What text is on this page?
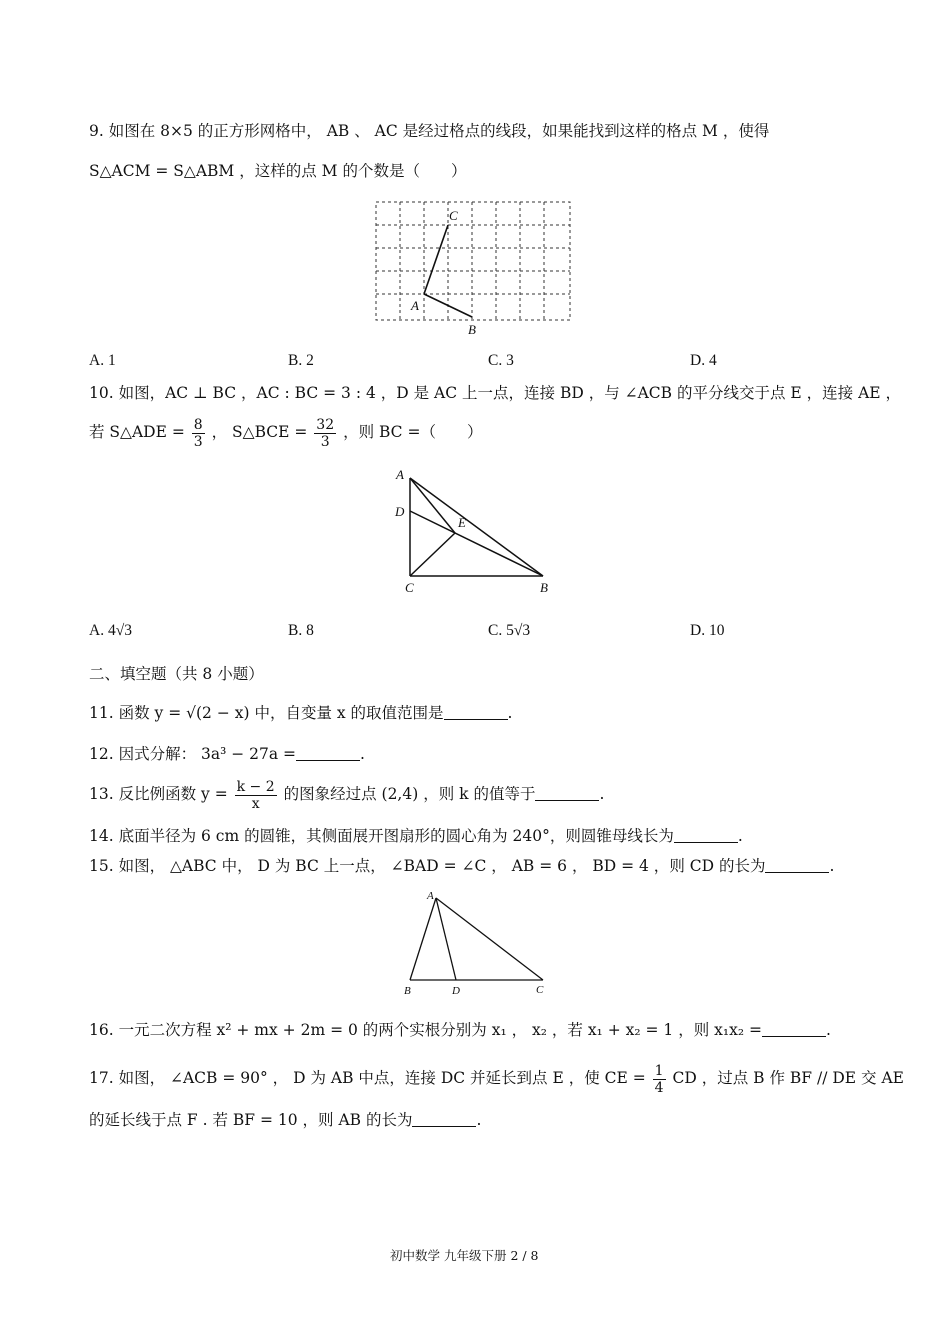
9. 如图在 8×5 的正方形网格中， AB 、 AC 是经过格点的线段，如果能找到这样的格点 M ，使得
S△ACM = S△ABM ，这样的点 M 的个数是（　　）
C
A
B
A. 1	B. 2	C. 3	D. 4
10. 如图，AC ⊥ BC ，AC : BC = 3 : 4 ，D 是 AC 上一点，连接 BD ，与 ∠ACB 的平分线交于点 E ，连接 AE ，
若 S△ADE = $\frac{8}{3}$ ， S△BCE = $\frac{32}{3}$ ，则 BC =（　　）
A
D
E
C	B
A. 4√3	B. 8	C. 5√3	D. 10
二、填空题（共 8 小题）
11. 函数 y = √(2 − x) 中，自变量 x 的取值范围是	.
12. 因式分解： 3a³ − 27a =	.
13. 反比例函数 $y = \frac{k - 2}{x}$ 的图象经过点 (2,4) ，则 k 的值等于	.
14. 底面半径为 6 cm 的圆锥，其侧面展开图扇形的圆心角为 240°，则圆锥母线长为	.
15. 如图， △ABC 中， D 为 BC 上一点， ∠BAD = ∠C ， AB = 6 ， BD = 4 ，则 CD 的长为	.
A
B	D	C
16. 一元二次方程 x² + mx + 2m = 0 的两个实根分别为 x₁ ， x₂ ，若 x₁ + x₂ = 1 ，则 x₁x₂ =	.
17. 如图， ∠ACB = 90° ， D 为 AB 中点，连接 DC 并延长到点 E ，使 CE = $\frac{1}{4}$ CD ，过点 B 作 BF // DE 交 AE
的延长线于点 F . 若 BF = 10 ，则 AB 的长为	.
初中数学 九年级下册 2 / 8
